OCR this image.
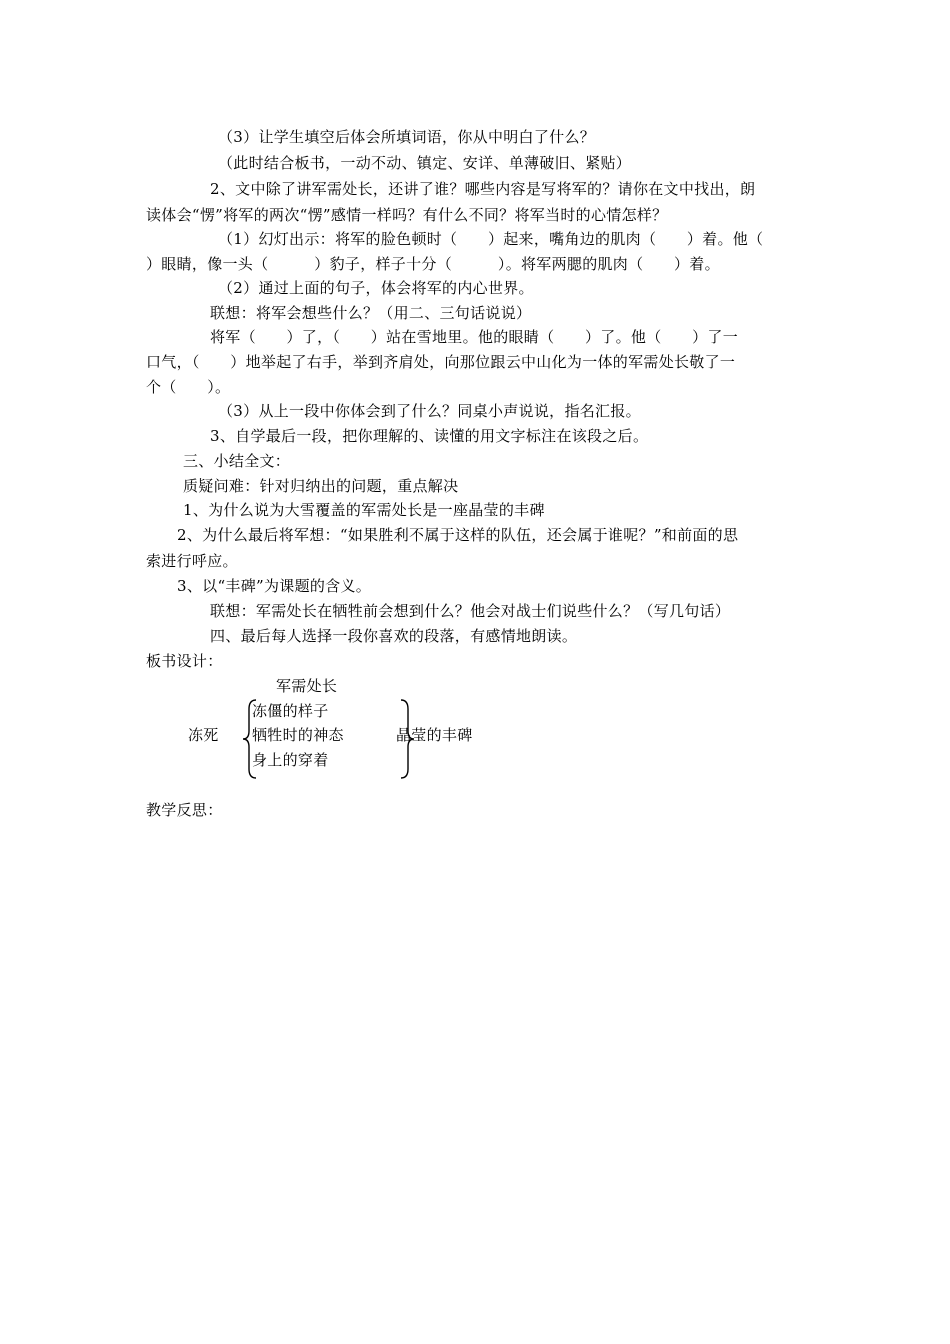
（3）让学生填空后体会所填词语，你从中明白了什么？
（此时结合板书，一动不动、镇定、安详、单薄破旧、紧贴）
2、文中除了讲军需处长，还讲了谁？哪些内容是写将军的？请你在文中找出，朗
读体会“愣”将军的两次“愣”感情一样吗？有什么不同？将军当时的心情怎样？
（1）幻灯出示：将军的脸色顿时（　　）起来，嘴角边的肌肉（　　）着。他（
）眼睛，像一头（　　　）豹子，样子十分（　　　）。将军两腮的肌肉（　　）着。
（2）通过上面的句子，体会将军的内心世界。
联想：将军会想些什么？（用二、三句话说说）
将军（　　）了，（　　）站在雪地里。他的眼睛（　　）了。他（　　）了一
口气，（　　）地举起了右手，举到齐肩处，向那位跟云中山化为一体的军需处长敬了一
个（　　）。
（3）从上一段中你体会到了什么？同桌小声说说，指名汇报。
3、自学最后一段，把你理解的、读懂的用文字标注在该段之后。
三、小结全文：
质疑问难：针对归纳出的问题，重点解决
1、为什么说为大雪覆盖的军需处长是一座晶莹的丰碑
2、为什么最后将军想：“如果胜利不属于这样的队伍，还会属于谁呢？”和前面的思
索进行呼应。
3、以“丰碑”为课题的含义。
联想：军需处长在牺牲前会想到什么？他会对战士们说些什么？（写几句话）
四、最后每人选择一段你喜欢的段落，有感情地朗读。
板书设计：
军需处长
冻死
冻僵的样子
牺牲时的神态
身上的穿着
晶莹的丰碑
教学反思：
